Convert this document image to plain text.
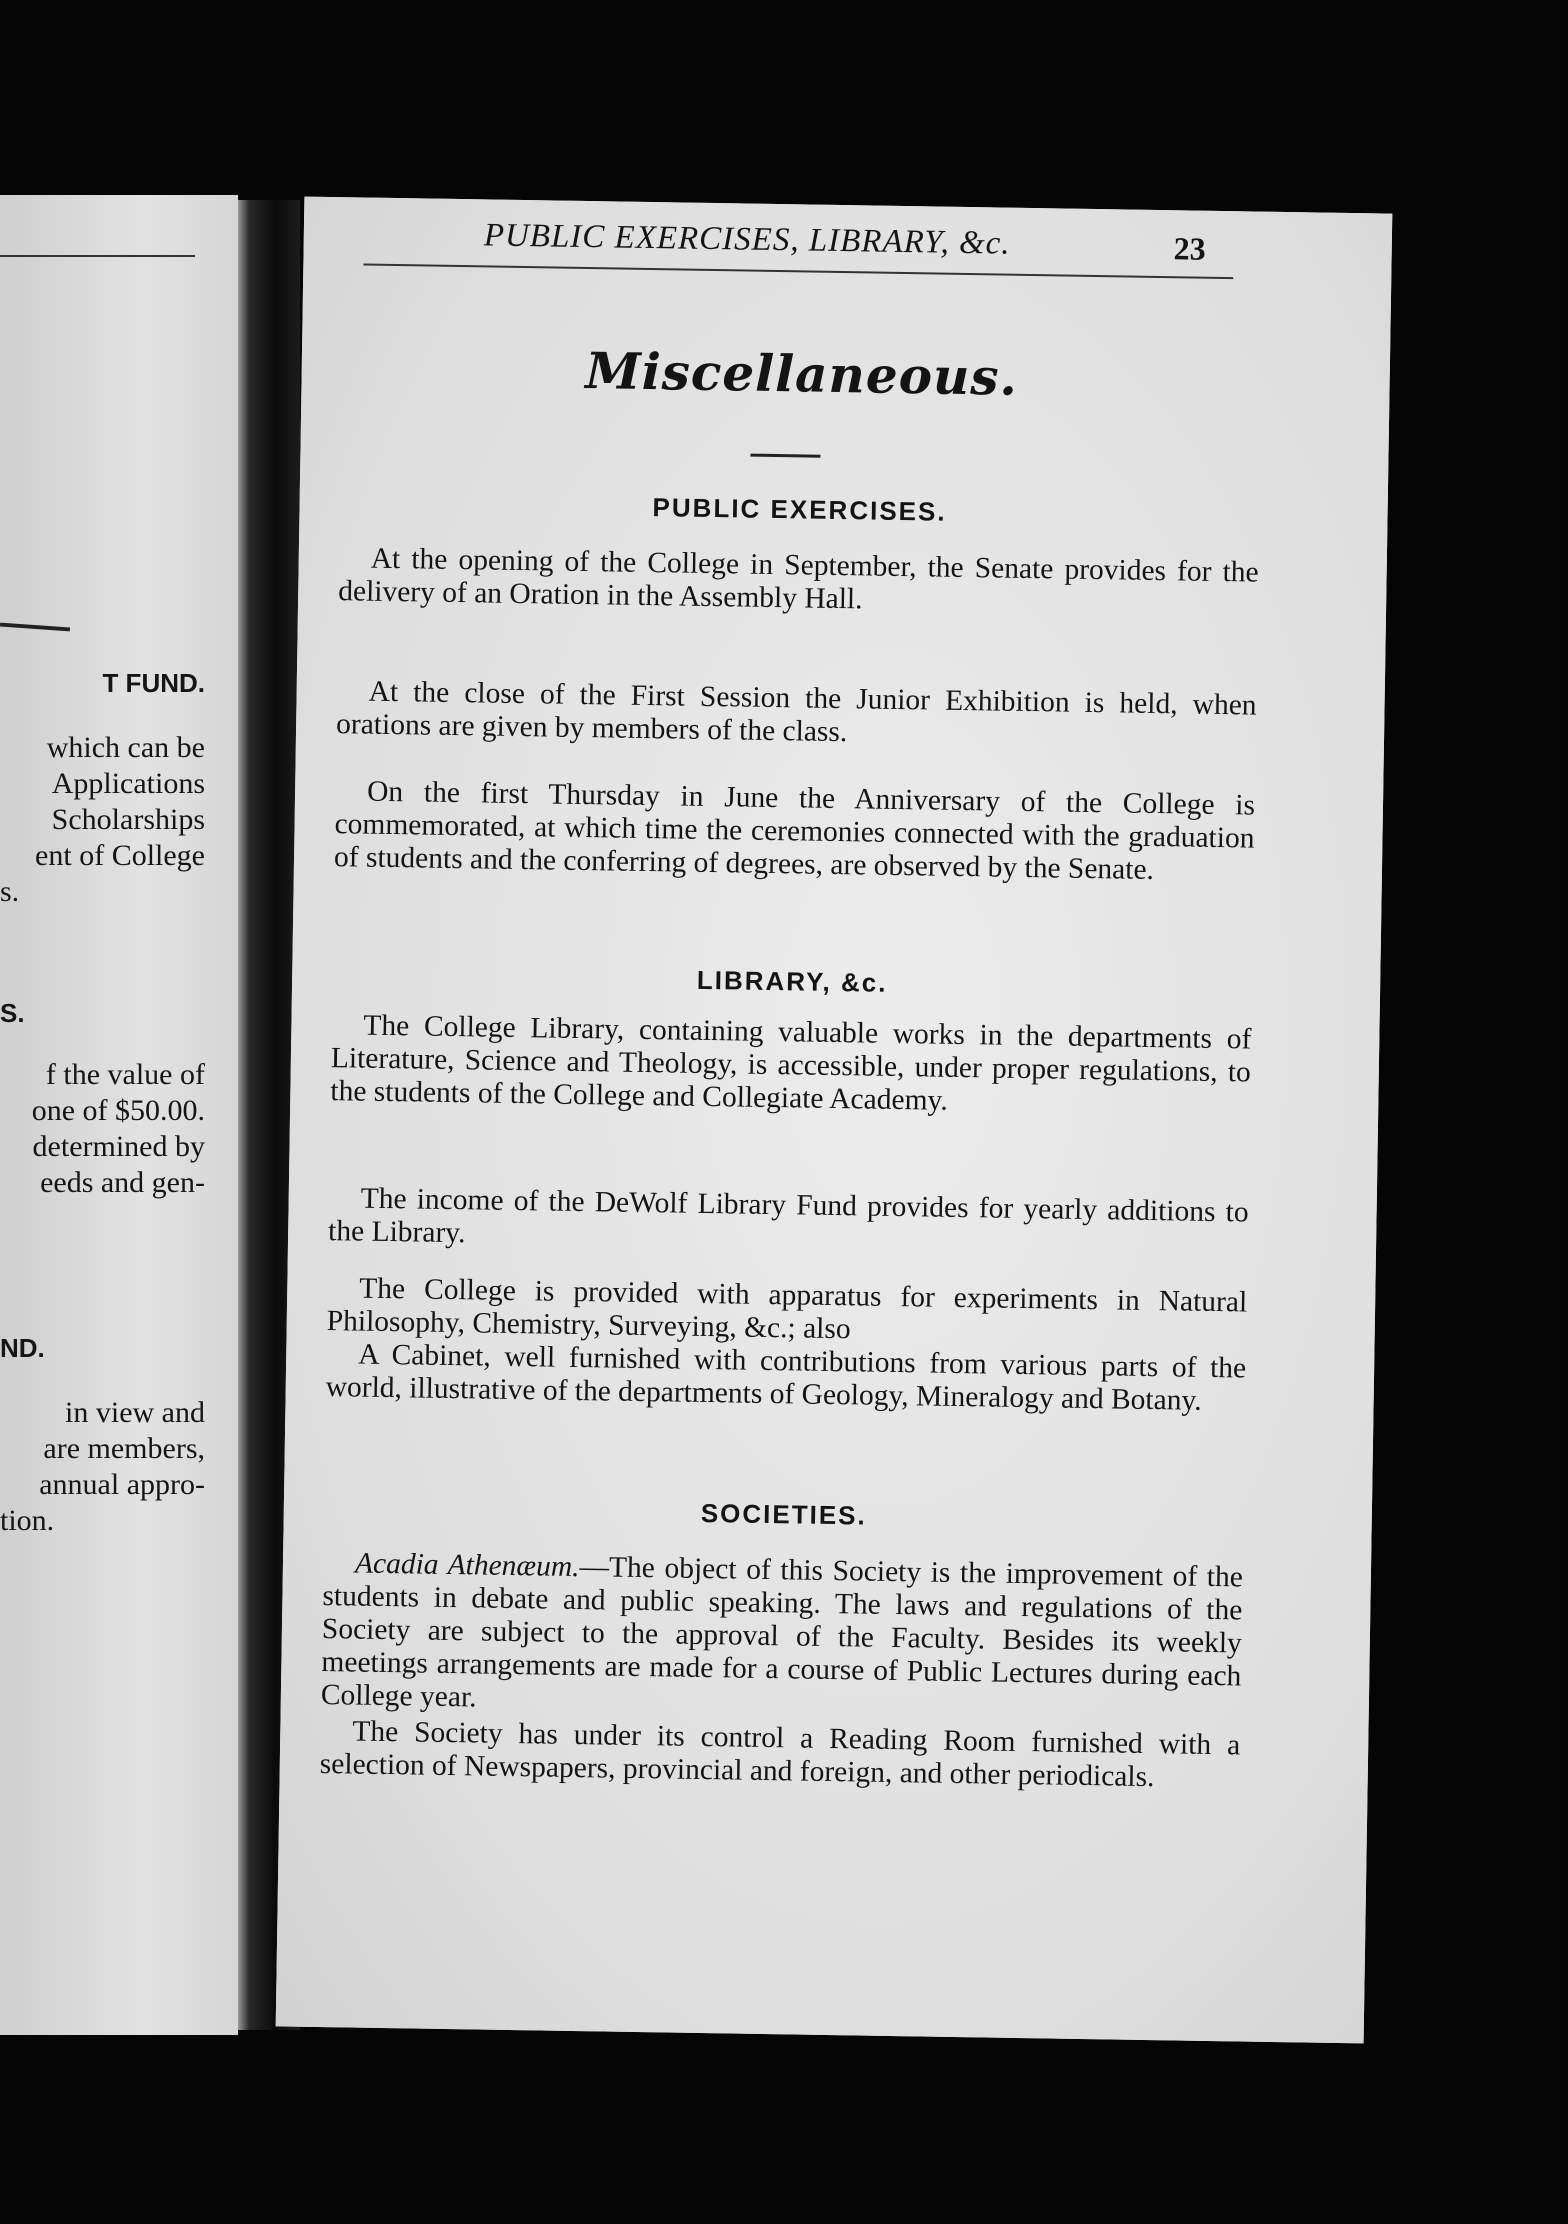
T FUND.
which can be
Applications
Scholarships
ent of College
s.
S.
f the value of
one of $50.00.
determined by
eeds and gen-
ND.
in view and
are members,
annual appro-
tion.
PUBLIC EXERCISES, LIBRARY, &c.	23
Miscellaneous.
PUBLIC EXERCISES.

At the opening of the College in September, the Senate provides for the delivery of an Oration in the Assembly Hall.

At the close of the First Session the Junior Exhibition is held, when orations are given by members of the class.

On the first Thursday in June the Anniversary of the College is commemorated, at which time the ceremonies connected with the graduation of students and the conferring of degrees, are observed by the Senate.

LIBRARY, &c.

The College Library, containing valuable works in the departments of Literature, Science and Theology, is accessible, under proper regulations, to the students of the College and Collegiate Academy.

The income of the DeWolf Library Fund provides for yearly additions to the Library.

The College is provided with apparatus for experiments in Natural Philosophy, Chemistry, Surveying, &c.; also

A Cabinet, well furnished with contributions from various parts of the world, illustrative of the departments of Geology, Mineralogy and Botany.

SOCIETIES.

Acadia Athenæum.—The object of this Society is the improvement of the students in debate and public speaking. The laws and regulations of the Society are subject to the approval of the Faculty. Besides its weekly meetings arrangements are made for a course of Public Lectures during each College year.

The Society has under its control a Reading Room furnished with a selection of Newspapers, provincial and foreign, and other periodicals.
